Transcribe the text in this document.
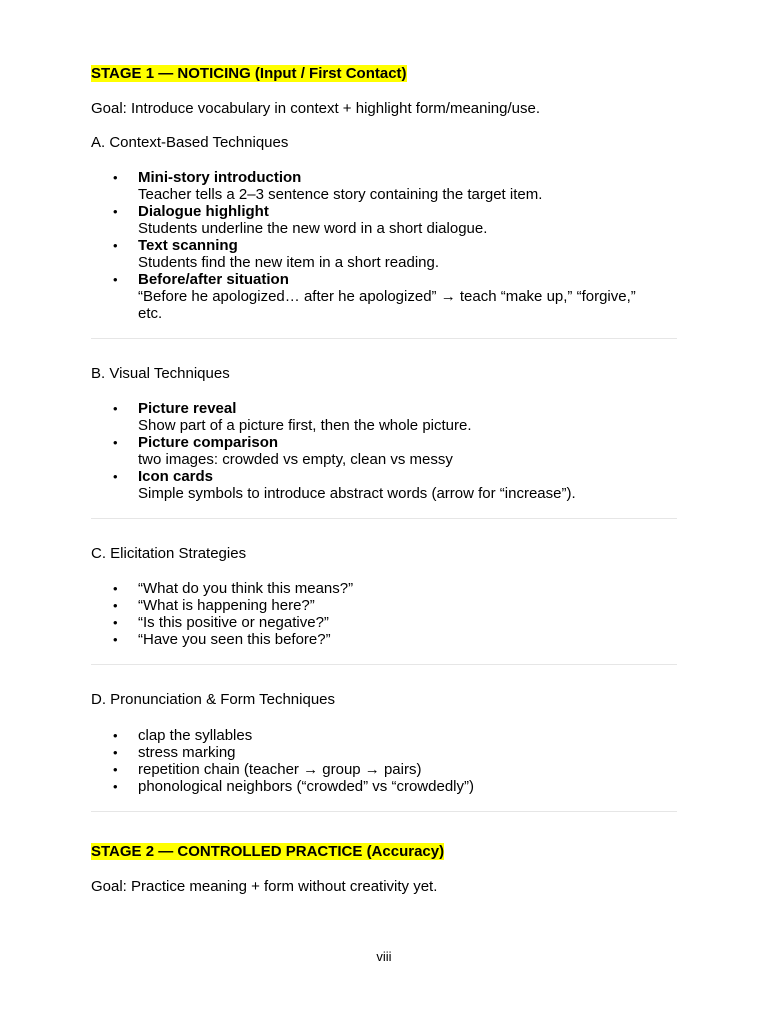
STAGE 1 — NOTICING (Input / First Contact)
Goal: Introduce vocabulary in context + highlight form/meaning/use.
A. Context-Based Techniques
• Mini-story introduction
Teacher tells a 2–3 sentence story containing the target item.
• Dialogue highlight
Students underline the new word in a short dialogue.
• Text scanning
Students find the new item in a short reading.
• Before/after situation
“Before he apologized… after he apologized” → teach “make up,” “forgive,” etc.
B. Visual Techniques
• Picture reveal
Show part of a picture first, then the whole picture.
• Picture comparison
two images: crowded vs empty, clean vs messy
• Icon cards
Simple symbols to introduce abstract words (arrow for “increase”).
C. Elicitation Strategies
• “What do you think this means?”
• “What is happening here?”
• “Is this positive or negative?”
• “Have you seen this before?”
D. Pronunciation & Form Techniques
• clap the syllables
• stress marking
• repetition chain (teacher → group → pairs)
• phonological neighbors (“crowded” vs “crowdedly”)
STAGE 2 — CONTROLLED PRACTICE (Accuracy)
Goal: Practice meaning + form without creativity yet.
viii
